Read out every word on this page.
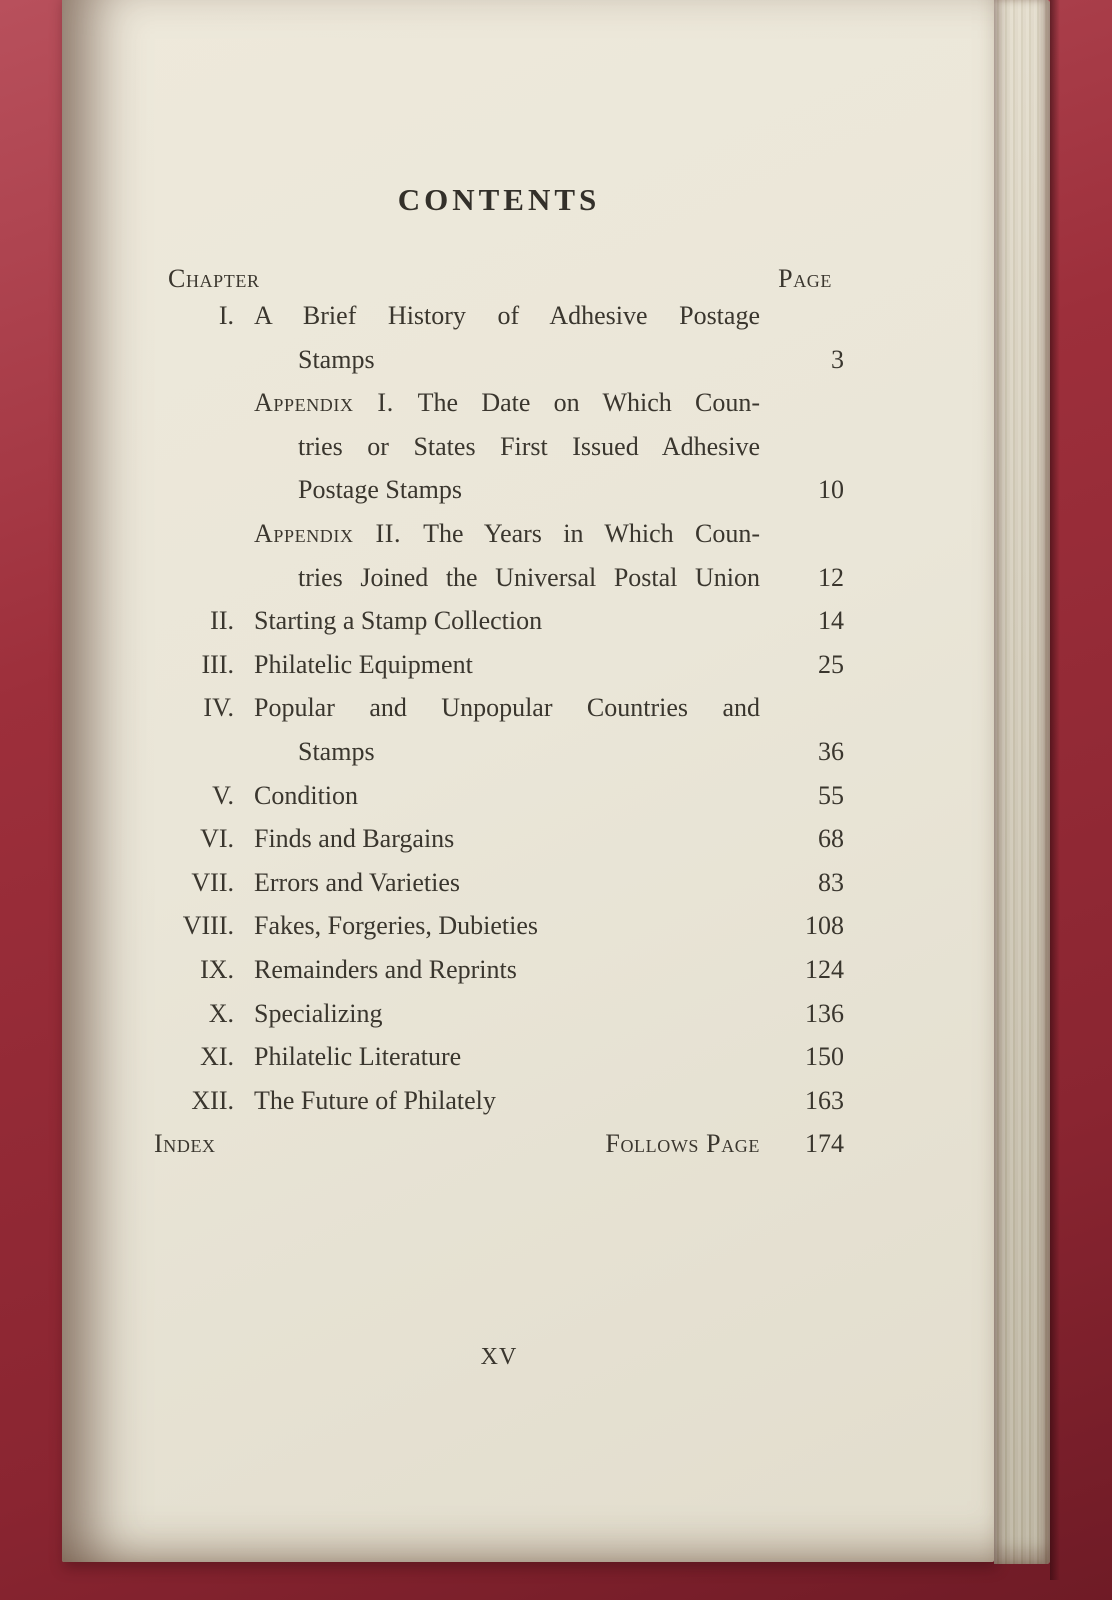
CONTENTS
Chapter	Page
I. A Brief History of Adhesive Postage
Stamps	3
Appendix I. The Date on Which Coun-
tries or States First Issued Adhesive
Postage Stamps	10
Appendix II. The Years in Which Coun-
tries Joined the Universal Postal Union	12
II. Starting a Stamp Collection	14
III. Philatelic Equipment	25
IV. Popular and Unpopular Countries and
Stamps	36
V. Condition	55
VI. Finds and Bargains	68
VII. Errors and Varieties	83
VIII. Fakes, Forgeries, Dubieties	108
IX. Remainders and Reprints	124
X. Specializing	136
XI. Philatelic Literature	150
XII. The Future of Philately	163
Index	Follows Page	174
XV
